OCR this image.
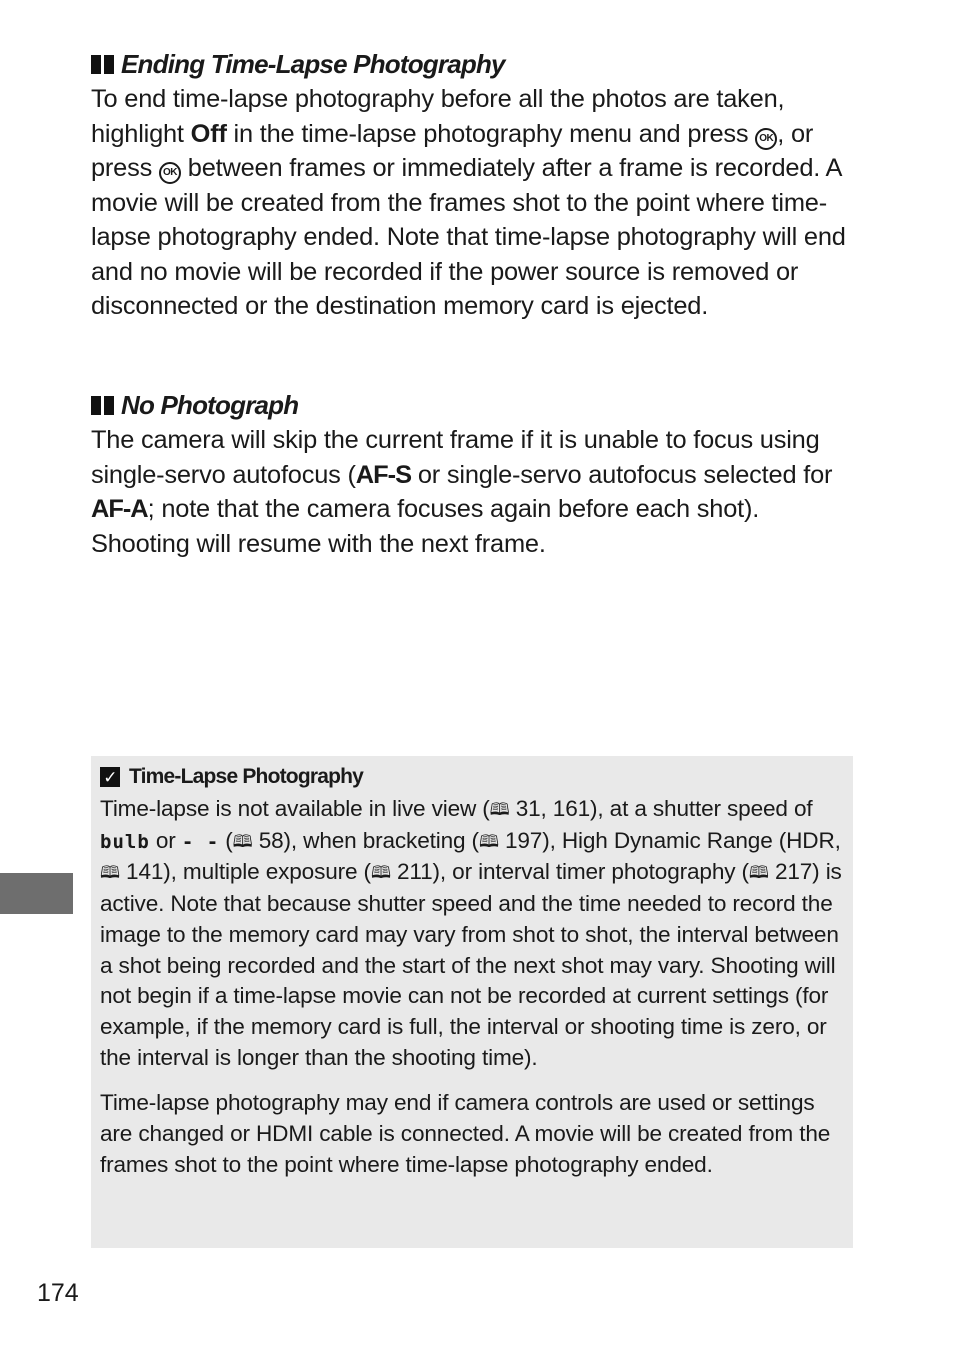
Ending Time-Lapse Photography

To end time-lapse photography before all the photos are taken, highlight Off in the time-lapse photography menu and press OK , or press OK between frames or immediately after a frame is recorded. A movie will be created from the frames shot to the point where time-lapse photography ended. Note that time-lapse photography will end and no movie will be recorded if the power source is removed or disconnected or the destination memory card is ejected.

No Photograph

The camera will skip the current frame if it is unable to focus using single-servo autofocus (AF-S or single-servo autofocus selected for AF-A; note that the camera focuses again before each shot). Shooting will resume with the next frame.

✓ Time-Lapse Photography

Time-lapse is not available in live view (🕮 31, 161), at a shutter speed of bulb or - - (🕮 58), when bracketing (🕮 197), High Dynamic Range (HDR, 🕮 141), multiple exposure (🕮 211), or interval timer photography (🕮 217) is active. Note that because shutter speed and the time needed to record the image to the memory card may vary from shot to shot, the interval between a shot being recorded and the start of the next shot may vary. Shooting will not begin if a time-lapse movie can not be recorded at current settings (for example, if the memory card is full, the interval or shooting time is zero, or the interval is longer than the shooting time).

Time-lapse photography may end if camera controls are used or settings are changed or HDMI cable is connected. A movie will be created from the frames shot to the point where time-lapse photography ended.

174
